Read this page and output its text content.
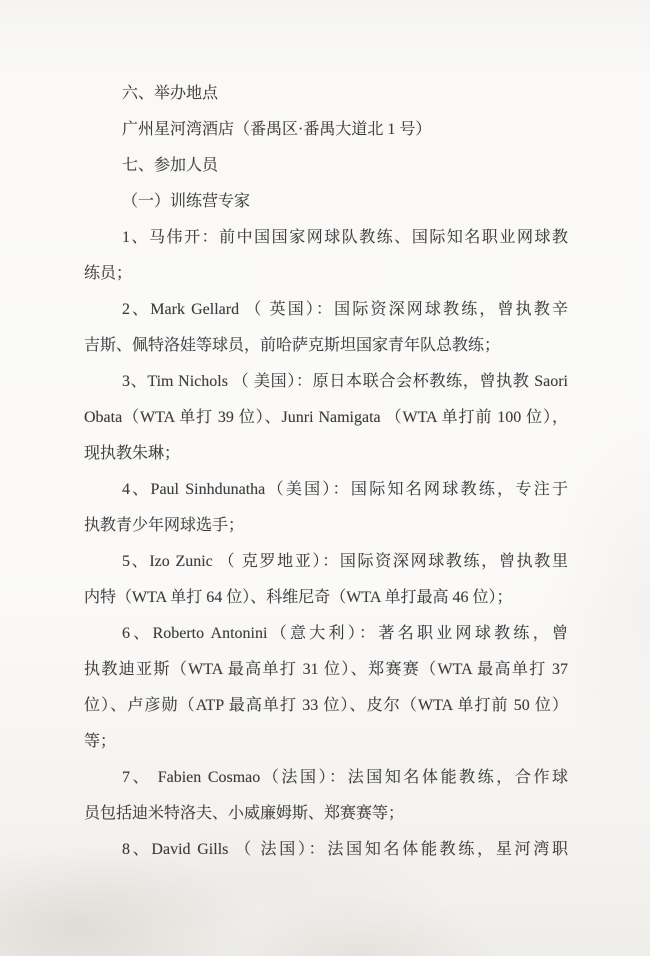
六、举办地点

广州星河湾酒店（番禺区·番禺大道北 1 号）

七、参加人员

（一）训练营专家

1、马伟开：前中国国家网球队教练、国际知名职业网球教

练员；

2、Mark Gellard （ 英国）：国际资深网球教练，曾执教辛

吉斯、佩特洛娃等球员，前哈萨克斯坦国家青年队总教练；

3、Tim Nichols （ 美国）：原日本联合会杯教练，曾执教 Saori

Obata（WTA 单打 39 位）、Junri Namigata （WTA 单打前 100 位），

现执教朱琳；

4、Paul Sinhdunatha（美国）：国际知名网球教练，专注于

执教青少年网球选手；

5、Izo Zunic （ 克罗地亚）：国际资深网球教练，曾执教里

内特（WTA 单打 64 位）、科维尼奇（WTA 单打最高 46 位）；

6、Roberto Antonini（意大利）：著名职业网球教练，曾

执教迪亚斯（WTA 最高单打 31 位）、郑赛赛（WTA 最高单打 37

位）、卢彦勋（ATP 最高单打 33 位）、皮尔（WTA 单打前 50 位）

等；

7、 Fabien Cosmao（法国）：法国知名体能教练，合作球

员包括迪米特洛夫、小威廉姆斯、郑赛赛等；

8、David Gills （ 法国）：法国知名体能教练，星河湾职
